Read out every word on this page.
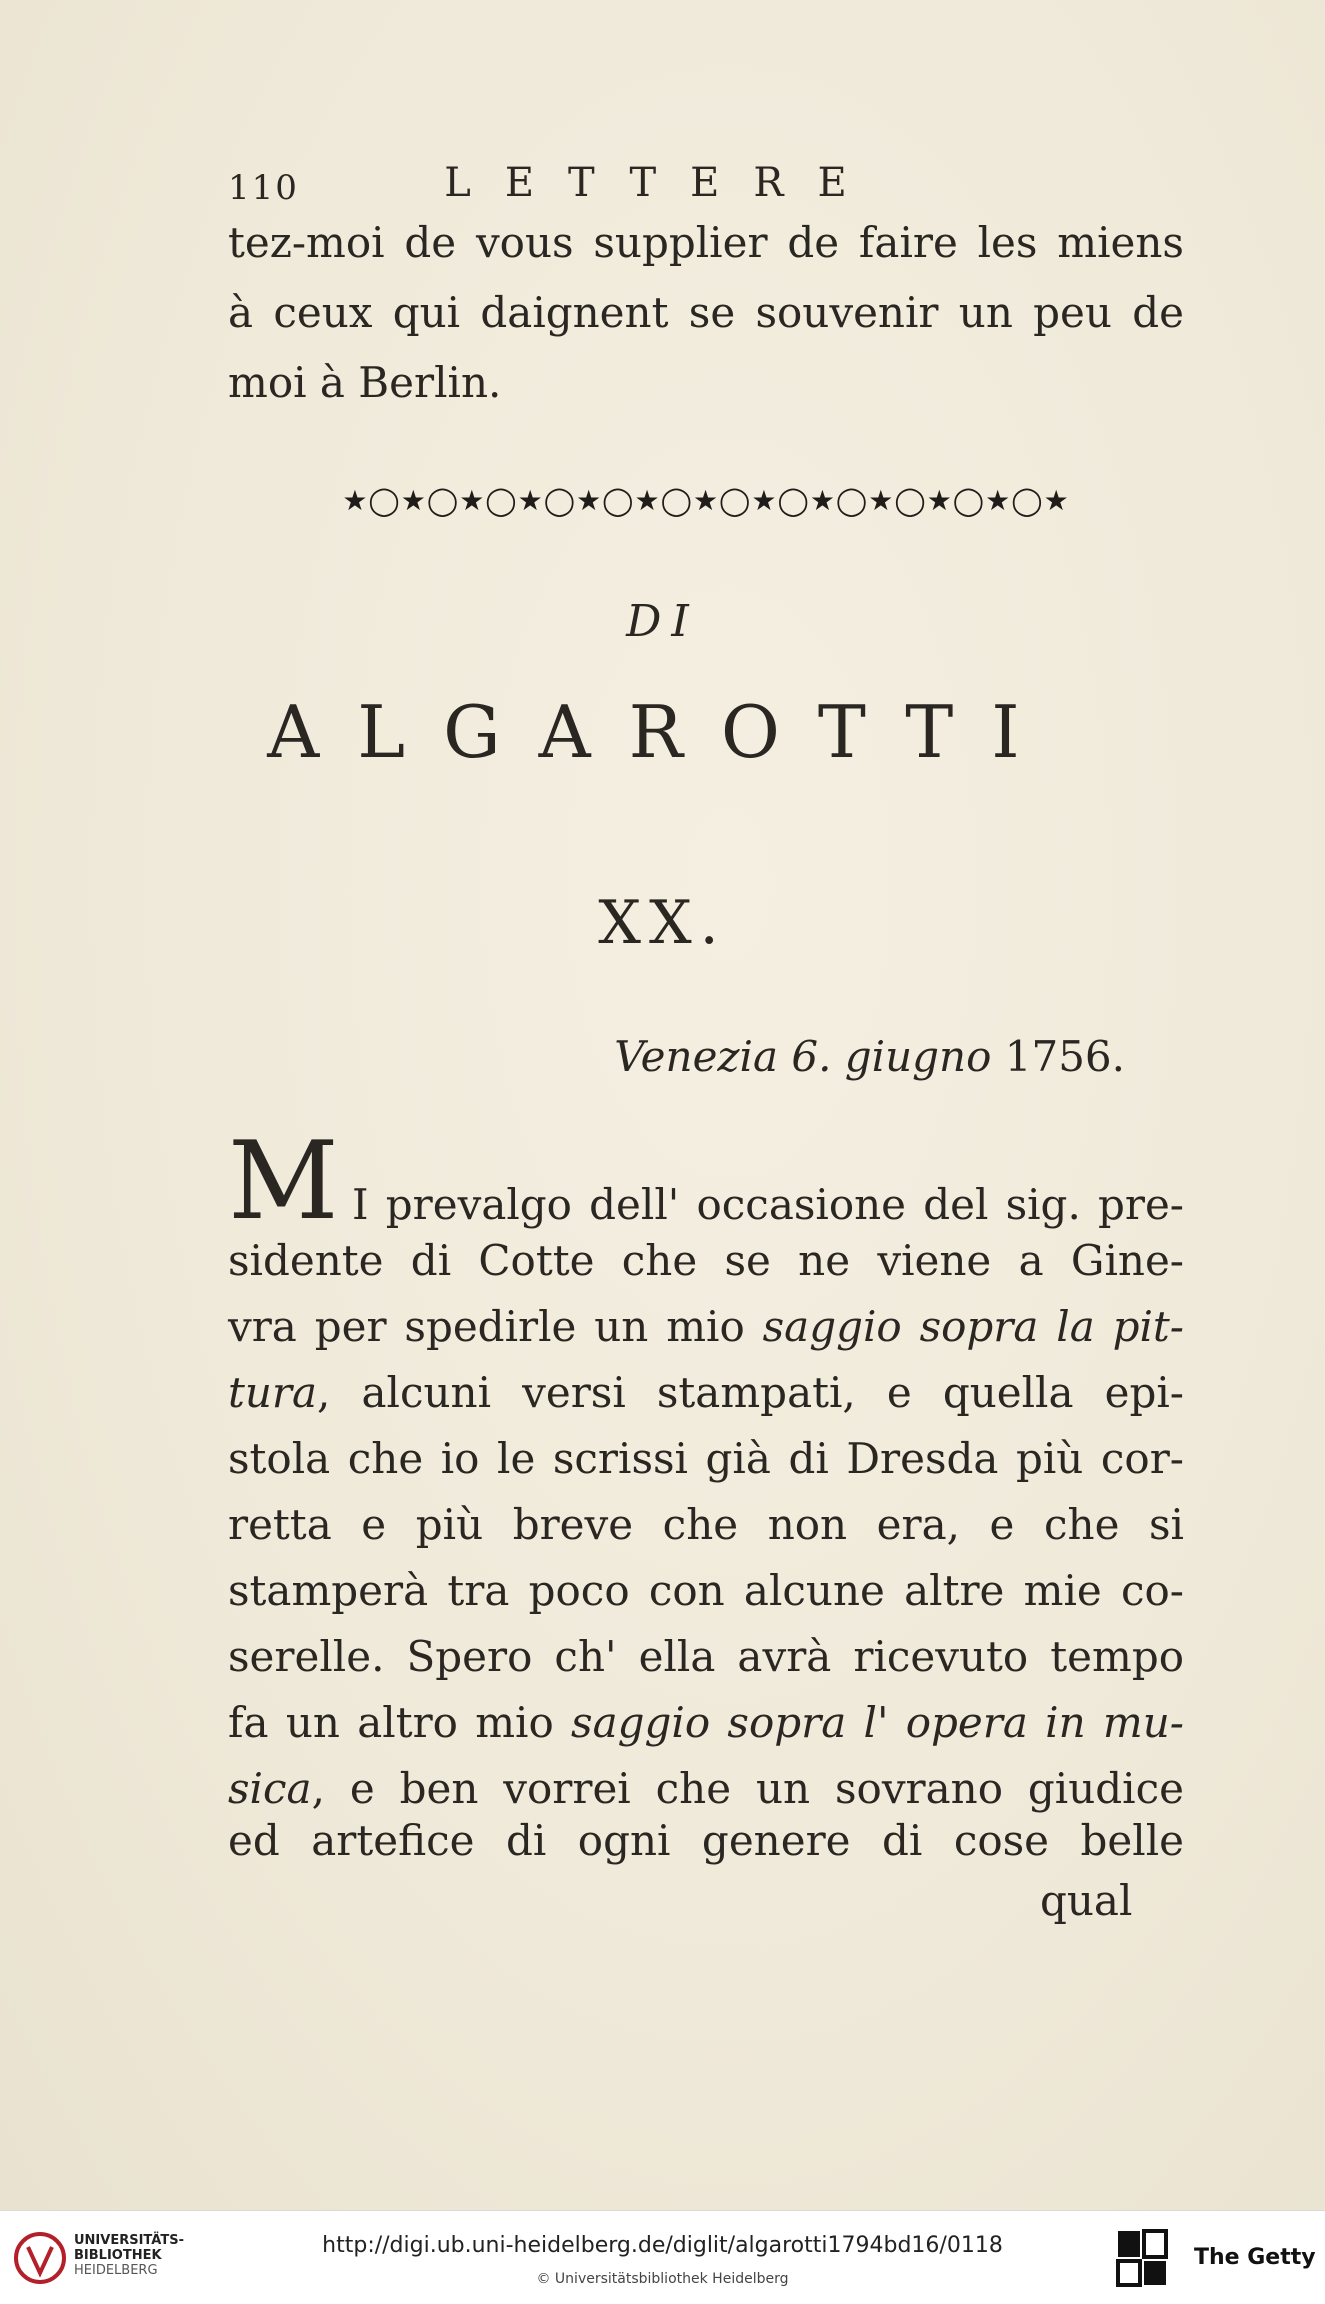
110	LETTERE
tez-moi de vous supplier de faire les miens
à ceux qui daignent se souvenir un peu de
moi à Berlin.
★◯★◯★◯★◯★◯★◯★◯★◯★◯★◯★◯★◯★
DI
ALGAROTTI
XX.
Venezia 6. giugno 1756.
M I prevalgo dell' occasione del sig. pre-
sidente di Cotte che se ne viene a Gine-
vra per spedirle un mio saggio sopra la pit-
tura, alcuni versi stampati, e quella epi-
stola che io le scrissi già di Dresda più cor-
retta e più breve che non era, e che si
stamperà tra poco con alcune altre mie co-
serelle. Spero ch' ella avrà ricevuto tempo
fa un altro mio saggio sopra l' opera in mu-
sica, e ben vorrei che un sovrano giudice
ed artefice di ogni genere di cose belle
qual
UNIVERSITÄTS-
BIBLIOTHEK
HEIDELBERG
http://digi.ub.uni-heidelberg.de/diglit/algarotti1794bd16/0118
© Universitätsbibliothek Heidelberg
The Getty
